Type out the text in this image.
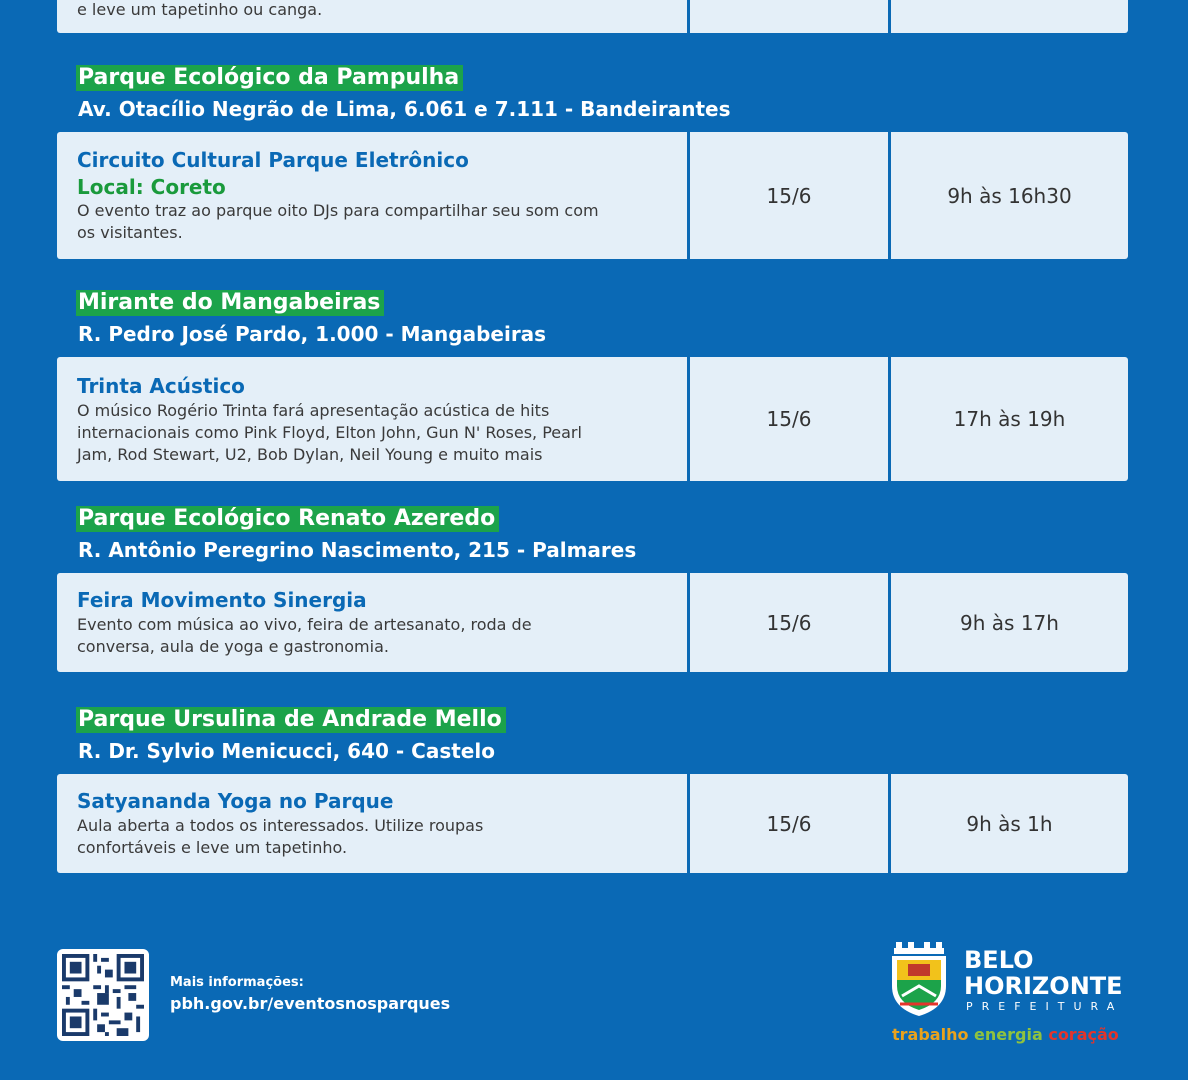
e leve um tapetinho ou canga.
Parque Ecológico da Pampulha
Av. Otacílio Negrão de Lima, 6.061 e 7.111 - Bandeirantes
Circuito Cultural Parque Eletrônico
Local: Coreto
O evento traz ao parque oito DJs para compartilhar seu som com
os visitantes.
15/6	9h às 16h30
Mirante do Mangabeiras
R. Pedro José Pardo, 1.000 - Mangabeiras
Trinta Acústico
O músico Rogério Trinta fará apresentação acústica de hits
internacionais como Pink Floyd, Elton John, Gun N' Roses, Pearl
Jam, Rod Stewart, U2, Bob Dylan, Neil Young e muito mais
15/6	17h às 19h
Parque Ecológico Renato Azeredo
R. Antônio Peregrino Nascimento, 215 - Palmares
Feira Movimento Sinergia
Evento com música ao vivo, feira de artesanato, roda de
conversa, aula de yoga e gastronomia.
15/6	9h às 17h
Parque Ursulina de Andrade Mello
R. Dr. Sylvio Menicucci, 640 - Castelo
Satyananda Yoga no Parque
Aula aberta a todos os interessados. Utilize roupas
confortáveis e leve um tapetinho.
15/6	9h às 1h
Mais informações:
pbh.gov.br/eventosnosparques
BELO
HORIZONTE
PREFEITURA
trabalho energia coração
